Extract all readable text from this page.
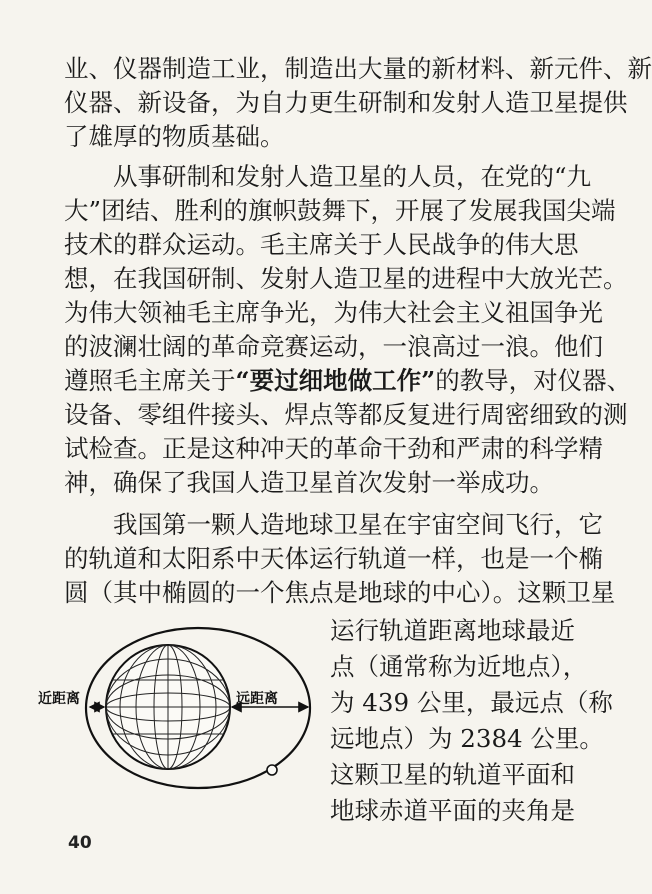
业、仪器制造工业，制造出大量的新材料、新元件、新
仪器、新设备，为自力更生研制和发射人造卫星提供
了雄厚的物质基础。
从事研制和发射人造卫星的人员，在党的“九
大”团结、胜利的旗帜鼓舞下，开展了发展我国尖端
技术的群众运动。毛主席关于人民战争的伟大思
想，在我国研制、发射人造卫星的进程中大放光芒。
为伟大领袖毛主席争光，为伟大社会主义祖国争光
的波澜壮阔的革命竞赛运动，一浪高过一浪。他们
遵照毛主席关于“要过细地做工作”的教导，对仪器、
设备、零组件接头、焊点等都反复进行周密细致的测
试检查。正是这种冲天的革命干劲和严肃的科学精
神，确保了我国人造卫星首次发射一举成功。
我国第一颗人造地球卫星在宇宙空间飞行，它
的轨道和太阳系中天体运行轨道一样，也是一个椭
圆（其中椭圆的一个焦点是地球的中心）。这颗卫星
运行轨道距离地球最近
点（通常称为近地点），
为 439 公里，最远点（称
远地点）为 2384 公里。
这颗卫星的轨道平面和
地球赤道平面的夹角是
近距离	远距离
40
